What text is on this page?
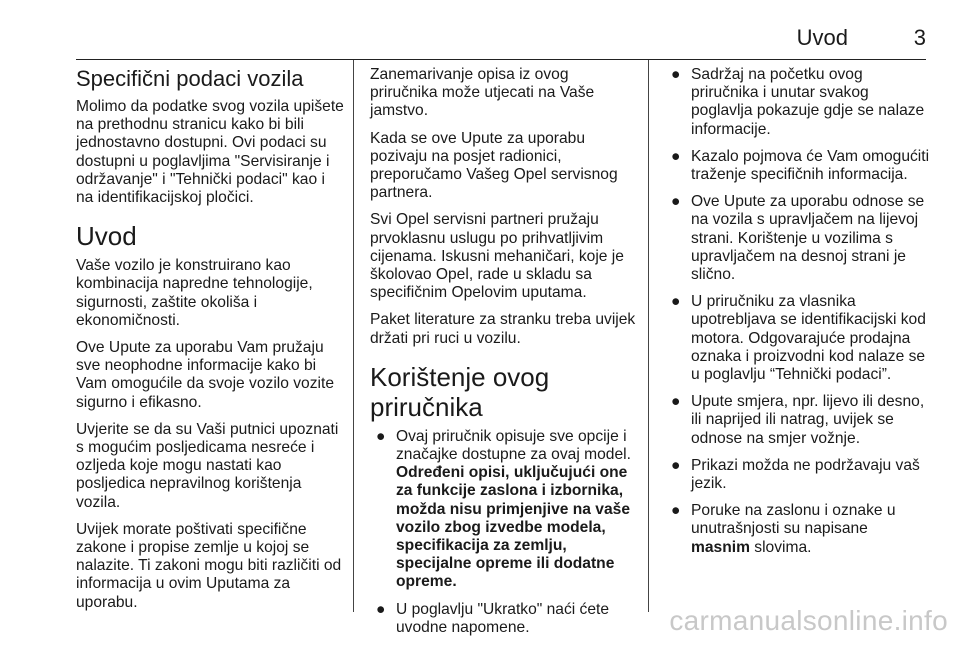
Uvod	3
Specifični podaci vozila

Molimo da podatke svog vozila upišete na prethodnu stranicu kako bi bili jednostavno dostupni. Ovi podaci su dostupni u poglavljima "Servisiranje i održavanje" i "Tehnički podaci" kao i na identifikacijskoj pločici.

Uvod

Vaše vozilo je konstruirano kao kombinacija napredne tehnologije, sigurnosti, zaštite okoliša i ekonomičnosti.

Ove Upute za uporabu Vam pružaju sve neophodne informacije kako bi Vam omogućile da svoje vozilo vozite sigurno i efikasno.

Uvjerite se da su Vaši putnici upoznati s mogućim posljedicama nesreće i ozljeda koje mogu nastati kao posljedica nepravilnog korištenja vozila.

Uvijek morate poštivati specifične zakone i propise zemlje u kojoj se nalazite. Ti zakoni mogu biti različiti od informacija u ovim Uputama za uporabu.

Zanemarivanje opisa iz ovog priručnika može utjecati na Vaše jamstvo.

Kada se ove Upute za uporabu pozivaju na posjet radionici, preporučamo Vašeg Opel servisnog partnera.

Svi Opel servisni partneri pružaju prvoklasnu uslugu po prihvatljivim cijenama. Iskusni mehaničari, koje je školovao Opel, rade u skladu sa specifičnim Opelovim uputama.

Paket literature za stranku treba uvijek držati pri ruci u vozilu.

Korištenje ovog priručnika
● Ovaj priručnik opisuje sve opcije i značajke dostupne za ovaj model. Određeni opisi, uključujući one za funkcije zaslona i izbornika, možda nisu primjenjive na vaše vozilo zbog izvedbe modela, specifikacija za zemlju, specijalne opreme ili dodatne opreme.
● U poglavlju "Ukratko" naći ćete uvodne napomene.
● Sadržaj na početku ovog priručnika i unutar svakog poglavlja pokazuje gdje se nalaze informacije.
● Kazalo pojmova će Vam omogućiti traženje specifičnih informacija.
● Ove Upute za uporabu odnose se na vozila s upravljačem na lijevoj strani. Korištenje u vozilima s upravljačem na desnoj strani je slično.
● U priručniku za vlasnika upotrebljava se identifikacijski kod motora. Odgovarajuće prodajna oznaka i proizvodni kod nalaze se u poglavlju “Tehnički podaci”.
● Upute smjera, npr. lijevo ili desno, ili naprijed ili natrag, uvijek se odnose na smjer vožnje.
● Prikazi možda ne podržavaju vaš jezik.
● Poruke na zaslonu i oznake u unutrašnjosti su napisane masnim slovima.
carmanualsonline.info
